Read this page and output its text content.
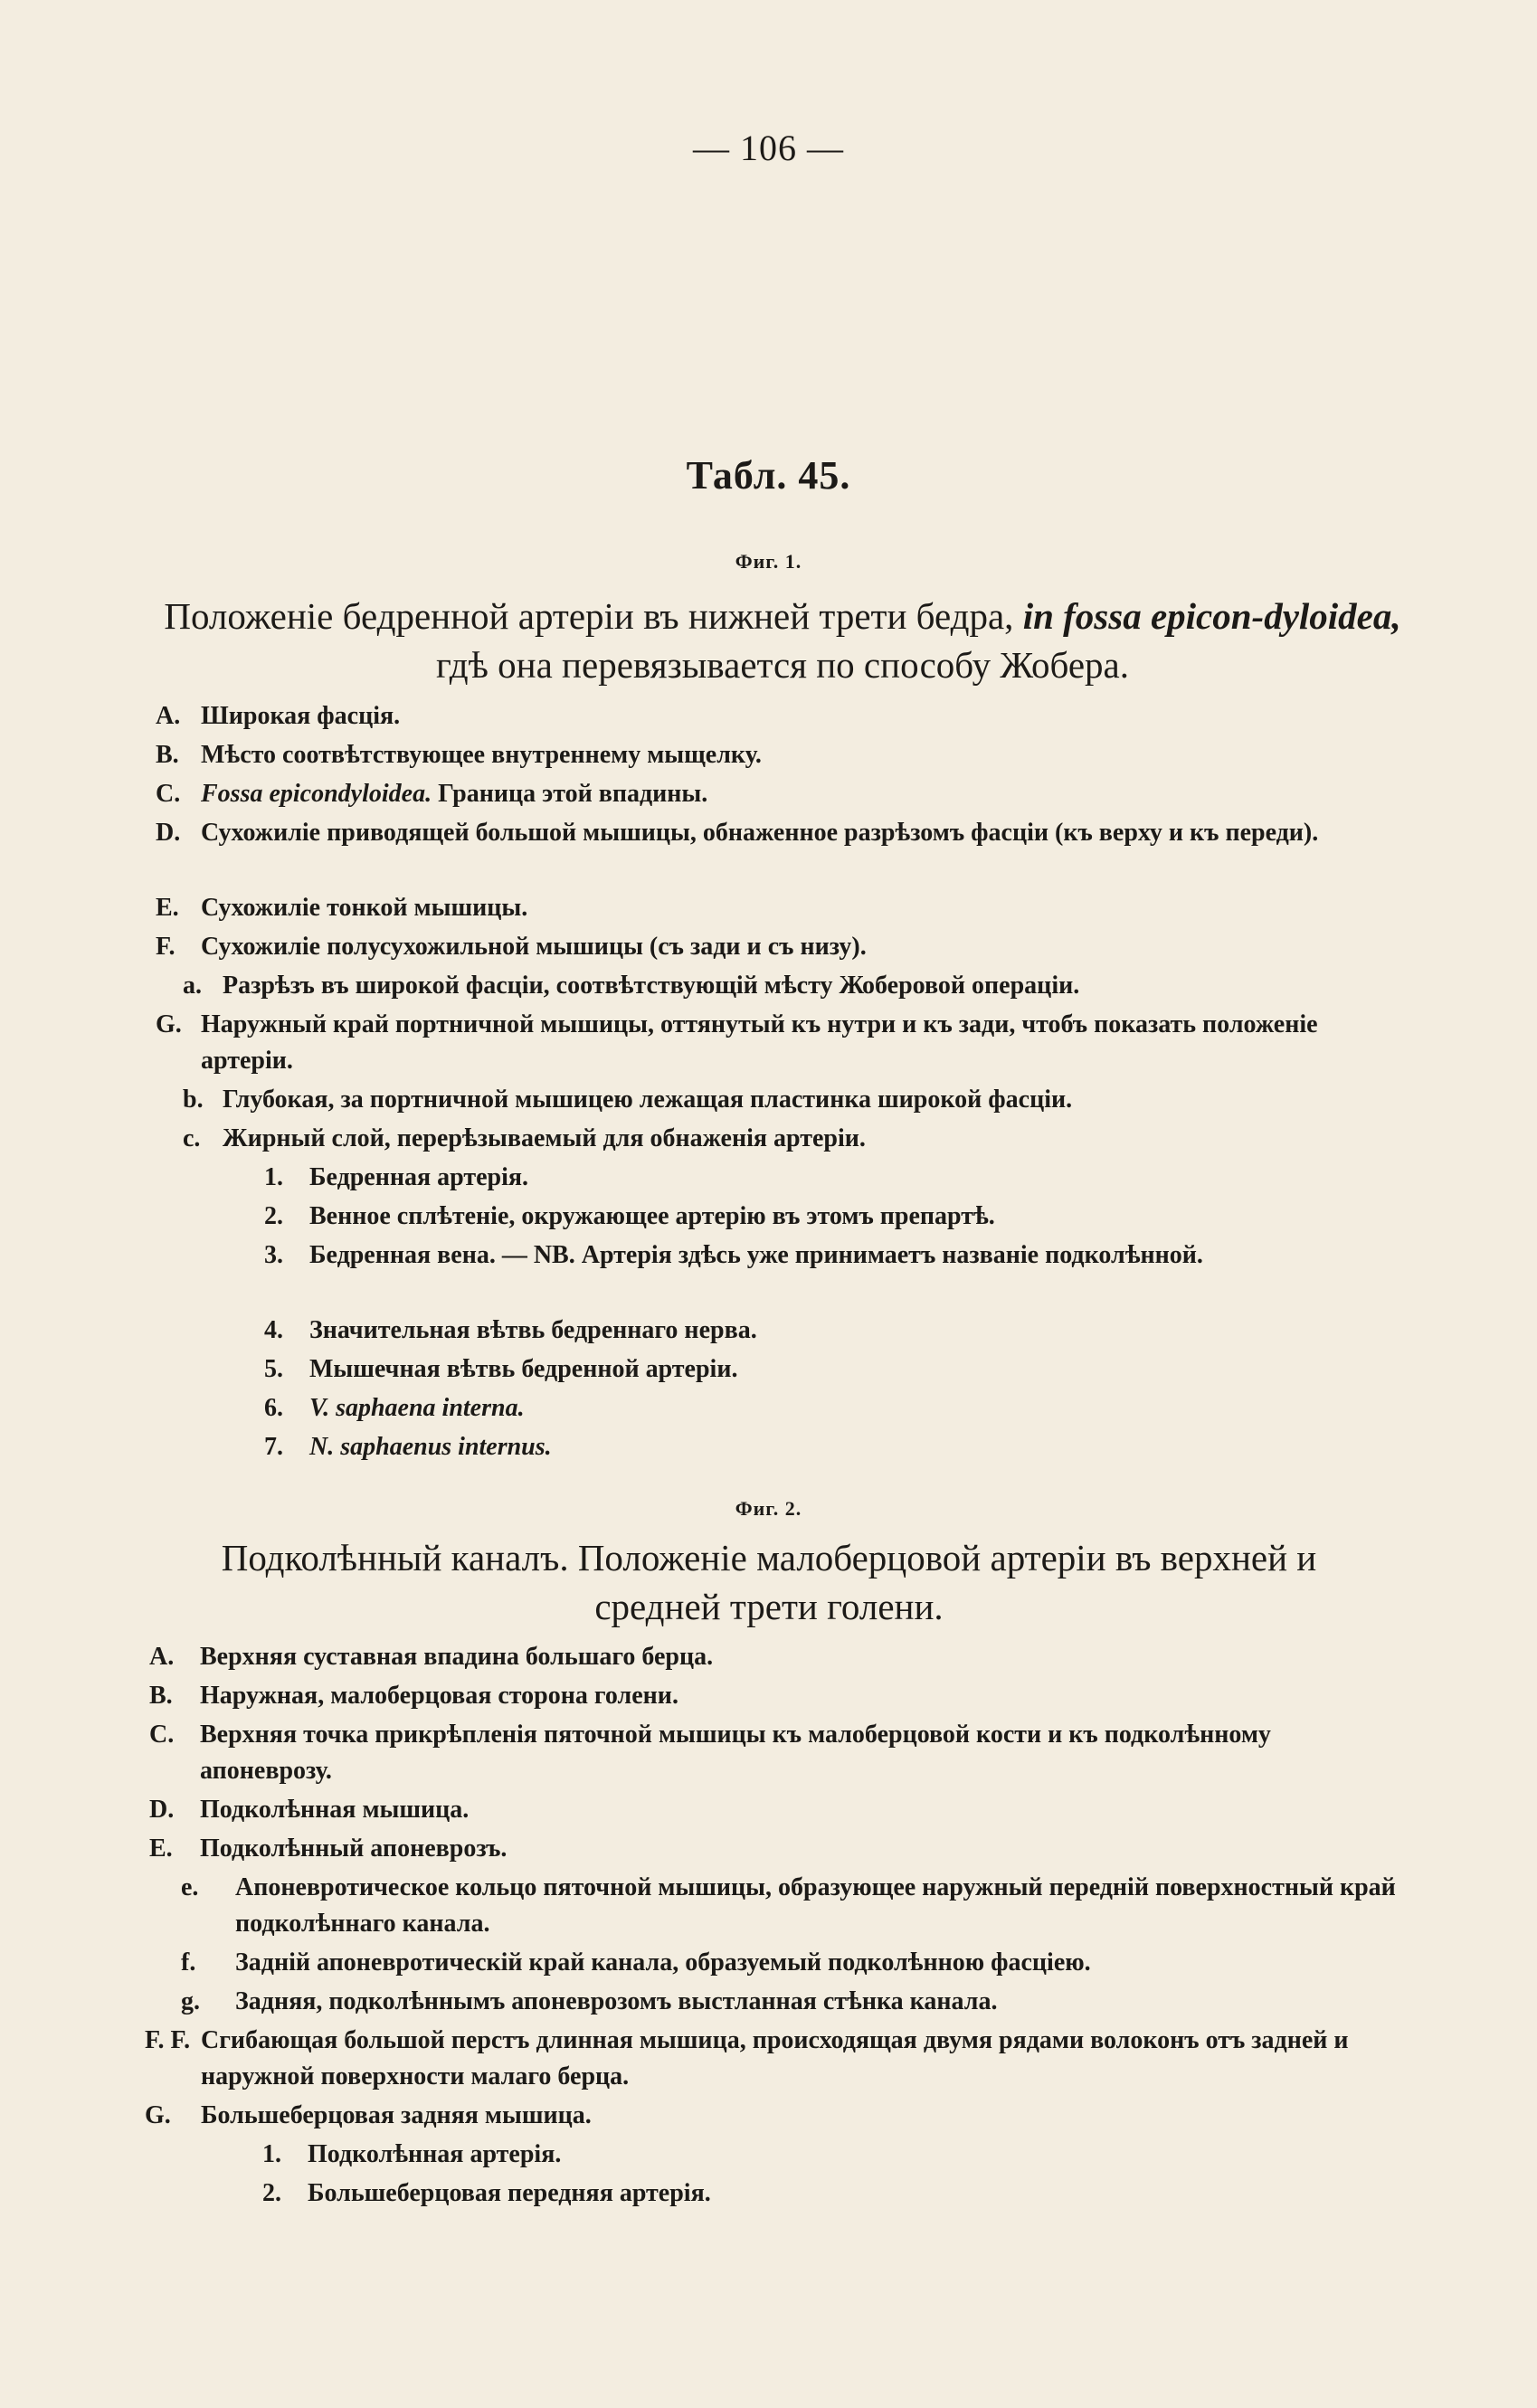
— 106 —
Табл. 45.
Фиг. 1.
Положеніе бедренной артеріи въ нижней трети бедра, in fossa epicon-dyloidea, гдѣ она перевязывается по способу Жобера.
A. Широкая фасція.
B. Мѣсто соотвѣтствующее внутреннему мыщелку.
C. Fossa epicondyloidea. Граница этой впадины.
D. Сухожиліе приводящей большой мышицы, обнаженное разрѣзомъ фасціи (къ верху и къ переди).
E. Сухожиліе тонкой мышицы.
F.	Сухожиліе полусухожильной мышицы (съ зади и съ низу).
a. Разрѣзъ въ широкой фасціи, соотвѣтствующій мѣсту Жоберовой операціи.
G. Наружный край портничной мышицы, оттянутый къ нутри и къ зади, чтобъ показать положеніе артеріи.
b. Глубокая, за портничной мышицею лежащая пластинка широкой фасціи.
c. Жирный слой, перерѣзываемый для обнаженія артеріи.
1.	Бедренная артерія.
2.	Венное сплѣтеніе, окружающее артерію въ этомъ препартѣ.
3.	Бедренная вена. — NB. Артерія здѣсь уже принимаетъ названіе подколѣнной.
4.	Значительная вѣтвь бедреннаго нерва.
5.	Мышечная вѣтвь бедренной артеріи.
6.	V. saphaena interna.
7.	N. saphaenus internus.
Фиг. 2.
Подколѣнный каналъ. Положеніе малоберцовой артеріи въ верхней и средней трети голени.
A.	Верхняя суставная впадина большаго берца.
B.	Наружная, малоберцовая сторона голени.
C.	Верхняя точка прикрѣпленія пяточной мышицы къ малоберцовой кости и къ подколѣнному апоневрозу.
D.	Подколѣнная мышица.
E.	Подколѣнный апоневрозъ.
e.	Апоневротическое кольцо пяточной мышицы, образующее наружный передній поверхностный край подколѣннаго канала.
f.	Задній апоневротическій край канала, образуемый подколѣнною фасціею.
g.	Задняя, подколѣннымъ апоневрозомъ выстланная стѣнка канала.
F. F. Сгибающая большой перстъ длинная мышица, происходящая двумя рядами волоконъ отъ задней и наружной поверхности малаго берца.
G.	Большеберцовая задняя мышица.
1.	Подколѣнная артерія.
2.	Большеберцовая передняя артерія.
